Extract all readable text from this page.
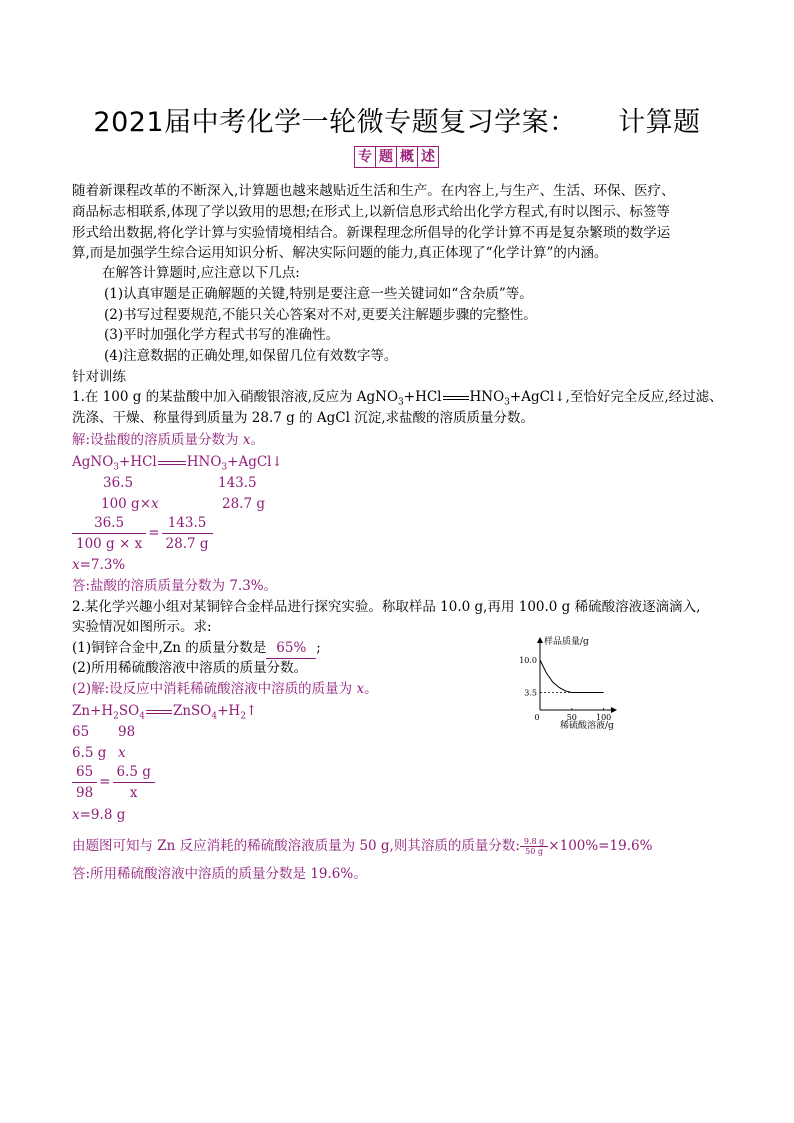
2021届中考化学一轮微专题复习学案：　　计算题
专 题 概 述
随着新课程改革的不断深入,计算题也越来越贴近生活和生产。在内容上,与生产、生活、环保、医疗、
商品标志相联系,体现了学以致用的思想;在形式上,以新信息形式给出化学方程式,有时以图示、标签等
形式给出数据,将化学计算与实验情境相结合。新课程理念所倡导的化学计算不再是复杂繁琐的数学运
算,而是加强学生综合运用知识分析、解决实际问题的能力,真正体现了“化学计算”的内涵。
在解答计算题时,应注意以下几点:
(1)认真审题是正确解题的关键,特别是要注意一些关键词如“含杂质”等。
(2)书写过程要规范,不能只关心答案对不对,更要关注解题步骤的完整性。
(3)平时加强化学方程式书写的准确性。
(4)注意数据的正确处理,如保留几位有效数字等。
针对训练
1.在 100 g 的某盐酸中加入硝酸银溶液,反应为 AgNO$_3$+HCl $HNO_3+AgCl↓$,至恰好完全反应,经过滤、
洗涤、干燥、称量得到质量为 28.7 g 的 AgCl 沉淀,求盐酸的溶质质量分数。
解:设盐酸的溶质质量分数为 x。
AgNO$_3$+HCl $HNO_3+AgCl↓$
36.5	143.5
100 g×x	28.7 g
$\frac{36.5}{100 g \times x} = \frac{143.5}{28.7 g}$
x=7.3%
答:盐酸的溶质质量分数为 7.3%。
2.某化学兴趣小组对某铜锌合金样品进行探究实验。称取样品 10.0 g,再用 100.0 g 稀硫酸溶液逐滴滴入,
实验情况如图所示。求:
(1)铜锌合金中,Zn 的质量分数是 65% ;
(2)所用稀硫酸溶液中溶质的质量分数。
(2)解:设反应中消耗稀硫酸溶液中溶质的质量为 x。
$Zn+H_2SO_4$ $ZnSO_4+H_2↑$
65 98
6.5 g x
$\frac{65}{98} = \frac{6.5 g}{x}$
x=9.8 g
由题图可知与 Zn 反应消耗的稀硫酸溶液质量为 50 g,则其溶质的质量分数: $\frac{9.8 g}{50 g} \times 100\%=19.6\%$
答:所用稀硫酸溶液中溶质的质量分数是 19.6%。
样品质量/g
稀硫酸溶液/g
10.0
3.5
0	50 100
